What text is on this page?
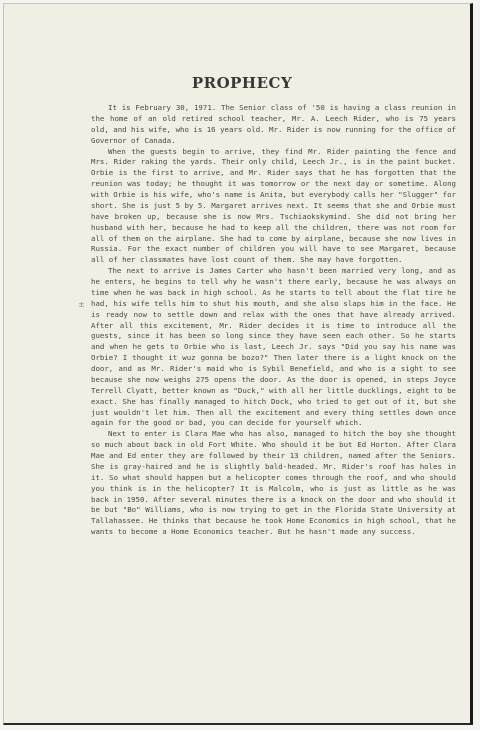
PROPHECY

It is February 30, 1971. The Senior class of '50 is having a class reunion in the home of an old retired school teacher, Mr. A. Leech Rider, who is 75 years old, and his wife, who is 16 years old. Mr. Rider is now running for the office of Governor of Canada.

When the guests begin to arrive, they find Mr. Rider painting the fence and Mrs. Rider raking the yards. Their only child, Leech Jr., is in the paint bucket. Orbie is the first to arrive, and Mr. Rider says that he has forgotten that the reunion was today; he thought it was tomorrow or the next day or sometime. Along with Orbie is his wife, who's name is Anita, but everybody calls her "Slugger" for short. She is just 5 by 5. Margaret arrives next. It seems that she and Orbie must have broken up, because she is now Mrs. Tschiaokskymind. She did not bring her husband with her, because he had to keep all the children, there was not room for all of them on the airplane. She had to come by airplane, because she now lives in Russia. For the exact number of children you will have to see Margaret, because all of her classmates have lost count of them. She may have forgotten.

The next to arrive is James Carter who hasn't been married very long, and as he enters, he begins to tell why he wasn't there early, because he was always on time when he was back in high school. As he starts to tell about the flat tire he had, his wife tells him to shut his mouth, and she also slaps him in the face. He is ready now to settle down and relax with the ones that have already arrived. After all this excitement, Mr. Rider decides it is time to introduce all the guests, since it has been so long since they have seen each other. So he starts and when he gets to Orbie who is last, Leech Jr. says "Did you say his name was Orbie? I thought it wuz gonna be bozo?" Then later there is a light knock on the door, and as Mr. Rider's maid who is Sybil Benefield, and who is a sight to see because she now weighs 275 opens the door. As the door is opened, in steps Joyce Terrell Clyatt, better known as "Duck," with all her little ducklings, eight to be exact. She has finally managed to hitch Dock, who tried to get out of it, but she just wouldn't let him. Then all the excitement and every thing settles down once again for the good or bad, you can decide for yourself which.

Next to enter is Clara Mae who has also, managed to hitch the boy she thought so much about back in old Fort White. Who should it be but Ed Horton. After Clara Mae and Ed enter they are followed by their 13 children, named after the Seniors. She is gray-haired and he is slightly bald-headed. Mr. Rider's roof has holes in it. So what should happen but a helicopter comes through the roof, and who should you think is in the helicopter? It is Malcolm, who is just as little as he was back in 1950. After several minutes there is a knock on the door and who should it be but "Bo" Williams, who is now trying to get in the Florida State University at Tallahassee. He thinks that because he took Home Economics in high school, that he wants to become a Home Economics teacher. But he hasn't made any success.

±
